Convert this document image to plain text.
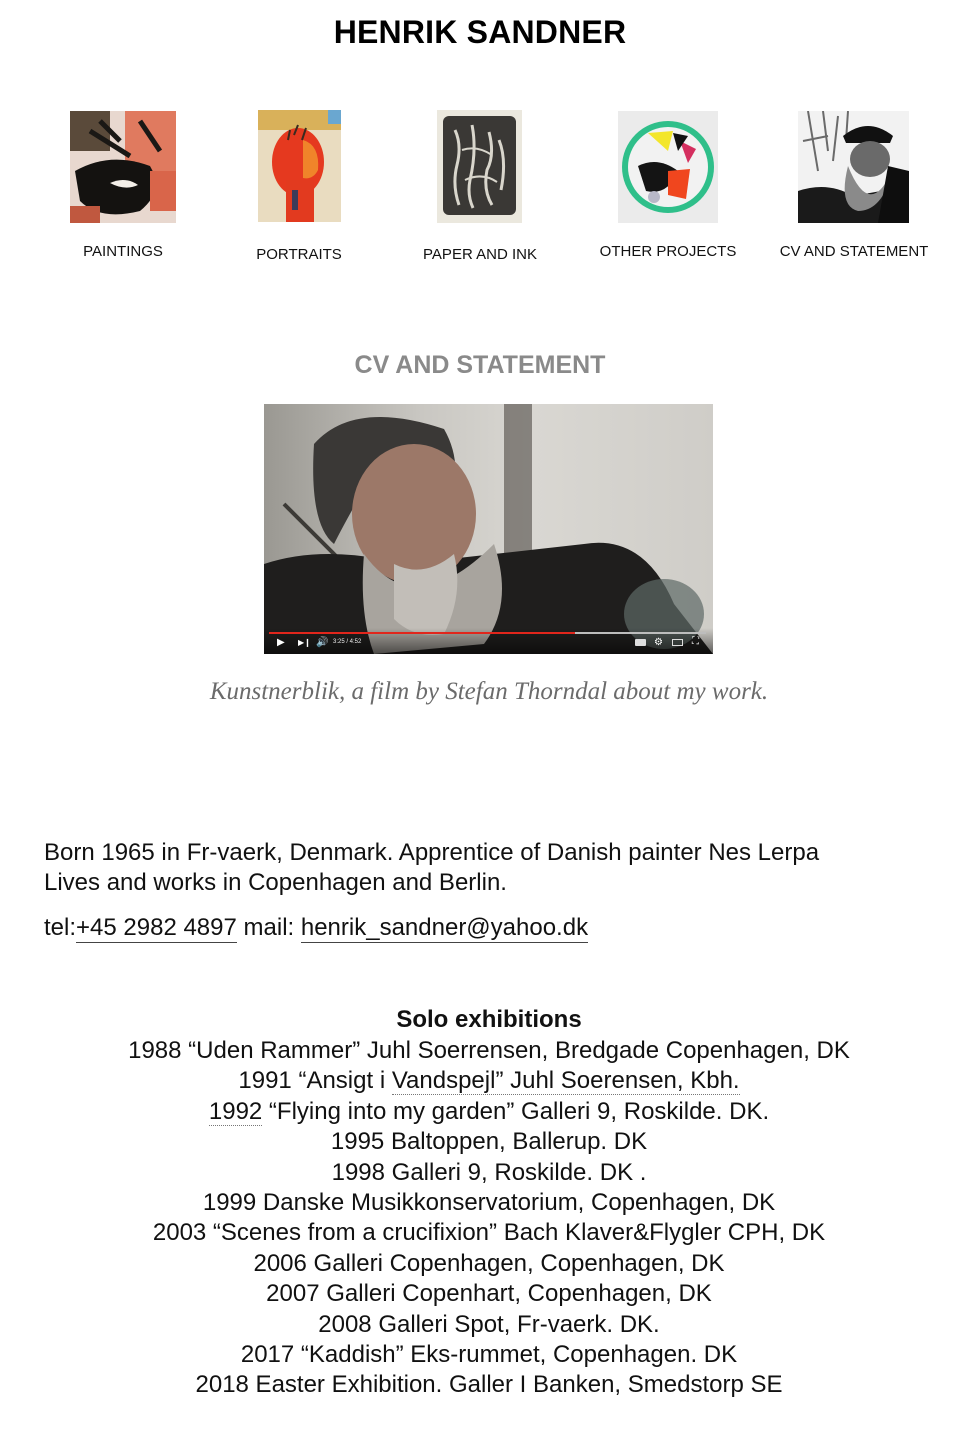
HENRIK SANDNER
PAINTINGS	PORTRAITS	PAPER AND INK	OTHER PROJECTS	CV AND STATEMENT
CV AND STATEMENT
▶ ▶❙ 🔊 3:25 / 4:52	⚙	⛶
Kunstnerblik, a film by Stefan Thorndal about my work.
Born 1965 in Fr-vaerk, Denmark. Apprentice of Danish painter Nes Lerpa
Lives and works in Copenhagen and Berlin.
tel:+45 2982 4897 mail: henrik_sandner@yahoo.dk
Solo exhibitions
1988 “Uden Rammer” Juhl Soerrensen, Bredgade Copenhagen, DK
1991 “Ansigt i Vandspejl” Juhl Soerensen, Kbh.
1992 “Flying into my garden” Galleri 9, Roskilde. DK.
1995 Baltoppen, Ballerup. DK
1998 Galleri 9, Roskilde. DK .
1999 Danske Musikkonservatorium, Copenhagen, DK
2003 “Scenes from a crucifixion” Bach Klaver&Flygler CPH, DK
2006 Galleri Copenhagen, Copenhagen, DK
2007 Galleri Copenhart, Copenhagen, DK
2008 Galleri Spot, Fr-vaerk. DK.
2017 “Kaddish” Eks-rummet, Copenhagen. DK
2018 Easter Exhibition. Galler I Banken, Smedstorp SE
